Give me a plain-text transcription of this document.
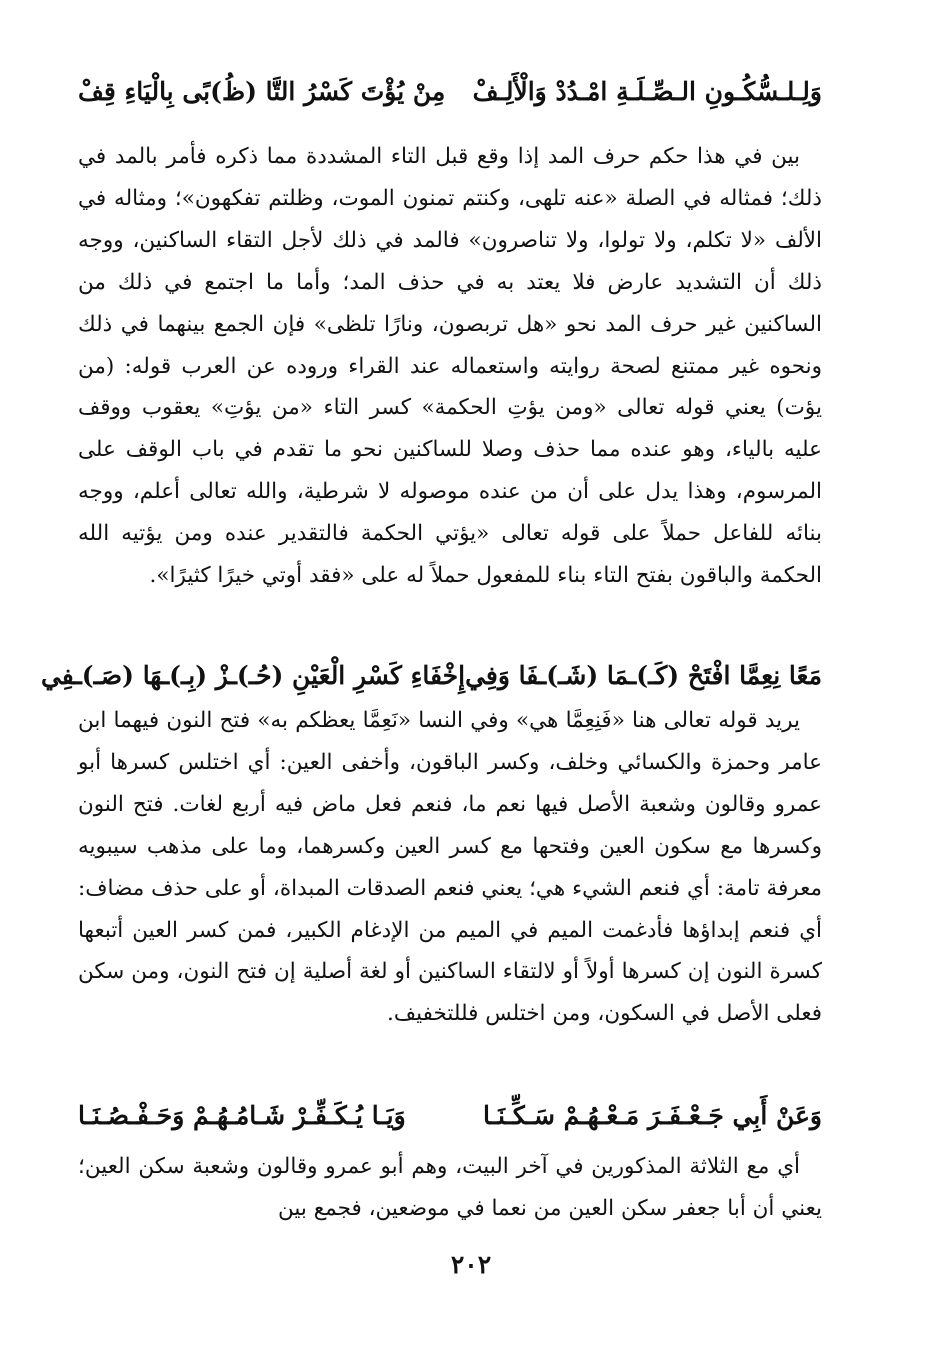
وَلِـلـسُّكُـونِ الـصِّـلَـةِ امْـدُدْ وَالْأَلِـفْ
مِنْ يُؤْتَ كَسْرُ التَّا (ظُ)بًى بِالْيَاءِ قِفْ

بين في هذا حكم حرف المد إذا وقع قبل التاء المشددة مما ذكره فأمر بالمد في ذلك؛ فمثاله في الصلة «عنه تلهى، وكنتم تمنون الموت، وظلتم تفكهون»؛ ومثاله في الألف «لا تكلم، ولا تولوا، ولا تناصرون» فالمد في ذلك لأجل التقاء الساكنين، ووجه ذلك أن التشديد عارض فلا يعتد به في حذف المد؛ وأما ما اجتمع في ذلك من الساكنين غير حرف المد نحو «هل تربصون، ونارًا تلظى» فإن الجمع بينهما في ذلك ونحوه غير ممتنع لصحة روايته واستعماله عند القراء وروده عن العرب قوله: (من يؤت) يعني قوله تعالى «ومن يؤتِ الحكمة» كسر التاء «من يؤتِ» يعقوب ووقف عليه بالياء، وهو عنده مما حذف وصلا للساكنين نحو ما تقدم في باب الوقف على المرسوم، وهذا يدل على أن من عنده موصوله لا شرطية، والله تعالى أعلم، ووجه بنائه للفاعل حملاً على قوله تعالى «يؤتي الحكمة فالتقدير عنده ومن يؤتيه الله الحكمة والباقون بفتح التاء بناء للمفعول حملاً له على «فقد أوتي خيرًا كثيرًا».

مَعًا نِعِمَّا افْتَحْ (كَـ)ـمَا (شَـ)ـفَا وَفِي
إِخْفَاءِ كَسْرِ الْعَيْنِ (حُـ)ـزْ (بِـ)ـهَا (صَـ)ـفِي

يريد قوله تعالى هنا «فَنِعِمَّا هي» وفي النسا «نَعِمَّا يعظكم به» فتح النون فيهما ابن عامر وحمزة والكسائي وخلف، وكسر الباقون، وأخفى العين: أي اختلس كسرها أبو عمرو وقالون وشعبة الأصل فيها نعم ما، فنعم فعل ماض فيه أربع لغات. فتح النون وكسرها مع سكون العين وفتحها مع كسر العين وكسرهما، وما على مذهب سيبويه معرفة تامة: أي فنعم الشيء هي؛ يعني فنعم الصدقات المبداة، أو على حذف مضاف: أي فنعم إبداؤها فأدغمت الميم في الميم من الإدغام الكبير، فمن كسر العين أتبعها كسرة النون إن كسرها أولاً أو لالتقاء الساكنين أو لغة أصلية إن فتح النون، ومن سكن فعلى الأصل في السكون، ومن اختلس فللتخفيف.

وَعَنْ أَبِي جَـعْـفَـرَ مَـعْـهُـمْ سَـكِّـنَـا
وَيَـا يُـكَـفِّـرْ شَـامُـهُـمْ وَحَـفْـصُـنَـا

أي مع الثلاثة المذكورين في آخر البيت، وهم أبو عمرو وقالون وشعبة سكن العين؛ يعني أن أبا جعفر سكن العين من نعما في موضعين، فجمع بين

٢٠٢
